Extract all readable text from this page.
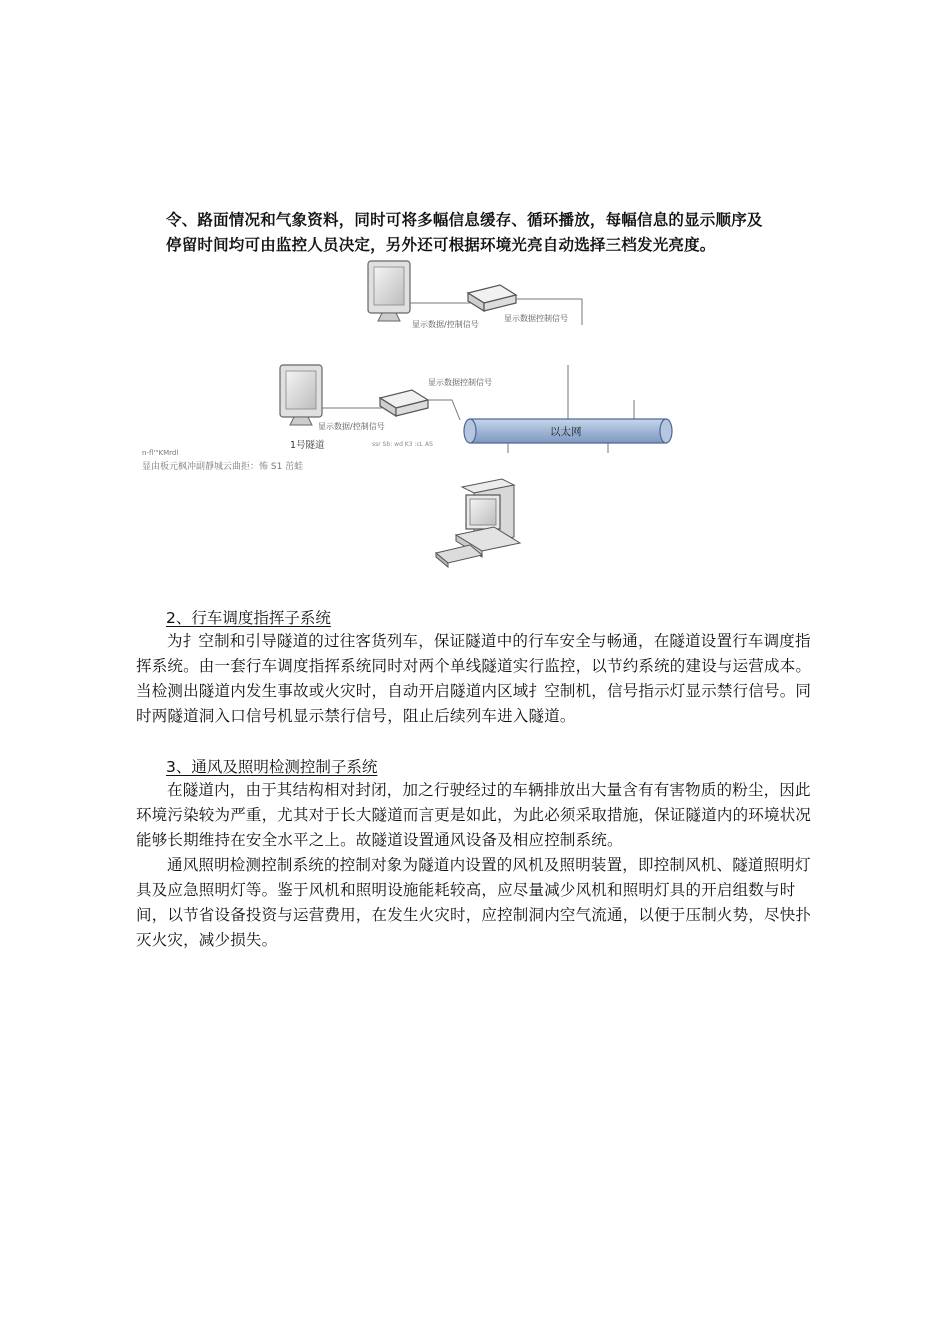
令、路面情况和气象资料，同时可将多幅信息缓存、循环播放，每幅信息的显示顺序及
停留时间均可由监控人员决定，另外还可根据环境光亮自动选择三档发光亮度。
显示数据/控制信号
显示数据控制信号
显示数据控制信号
显示数据/控制信号
1号隧道
以太网
ssr Sb: wd K3 :cL AS
n-fl'"KMrdl
显由板元枫冲副靜城云曲拒：怖 S1 茁蛙
2、行车调度指挥子系统
为扌空制和引导隧道的过往客货列车，保证隧道中的行车安全与畅通，在隧道设置行车调度指挥系统。由一套行车调度指挥系统同时对两个单线隧道实行监控，以节约系统的建设与运营成本。当检测出隧道内发生事故或火灾时，自动开启隧道内区域扌空制机，信号指示灯显示禁行信号。同时两隧道洞入口信号机显示禁行信号，阻止后续列车进入隧道。
3、通风及照明检测控制子系统
在隧道内，由于其结构相对封闭，加之行驶经过的车辆排放出大量含有有害物质的粉尘，因此环境污染较为严重，尤其对于长大隧道而言更是如此，为此必须采取措施，保证隧道内的环境状况能够长期维持在安全水平之上。故隧道设置通风设备及相应控制系统。
通风照明检测控制系统的控制对象为隧道内设置的风机及照明装置，即控制风机、隧道照明灯具及应急照明灯等。鉴于风机和照明设施能耗较高，应尽量减少风机和照明灯具的开启组数与时间，以节省设备投资与运营费用，在发生火灾时，应控制洞内空气流通，以便于压制火势，尽快扑灭火灾，减少损失。
